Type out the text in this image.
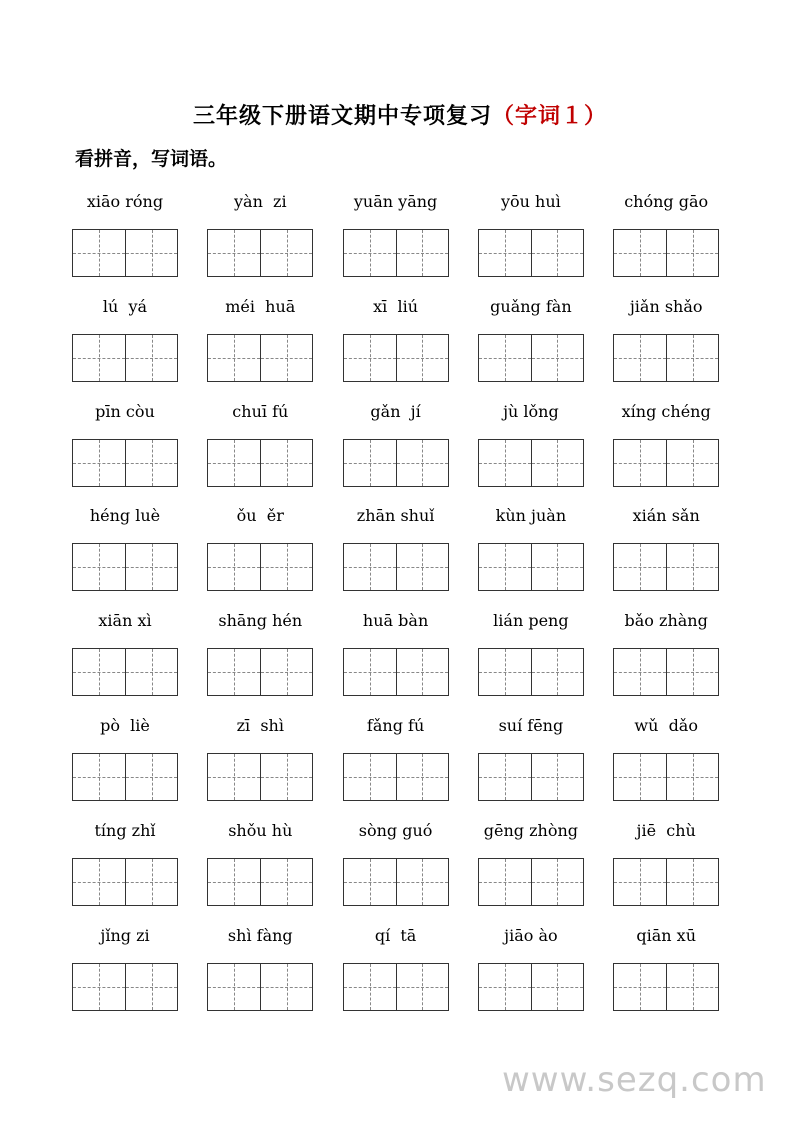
三年级下册语文期中专项复习（字词１）
看拼音，写词语。
xiāo róng	yàn  zi	yuān yāng	yōu huì	chóng gāo
lú  yá	méi  huā	xī  liú	guǎng fàn	jiǎn shǎo
pīn còu	chuī fú	gǎn  jí	jù lǒng	xíng chéng
héng luè	ǒu  ěr	zhān shuǐ	kùn juàn	xián sǎn
xiān xì	shāng hén	huā bàn	lián peng	bǎo zhàng
pò  liè	zī  shì	fǎng fú	suí fēng	wǔ  dǎo
tíng zhǐ	shǒu hù	sòng guó	gēng zhòng	jiē  chù
jǐng zi	shì fàng	qí  tā	jiāo ào	qiān xū
www.sezq.com
